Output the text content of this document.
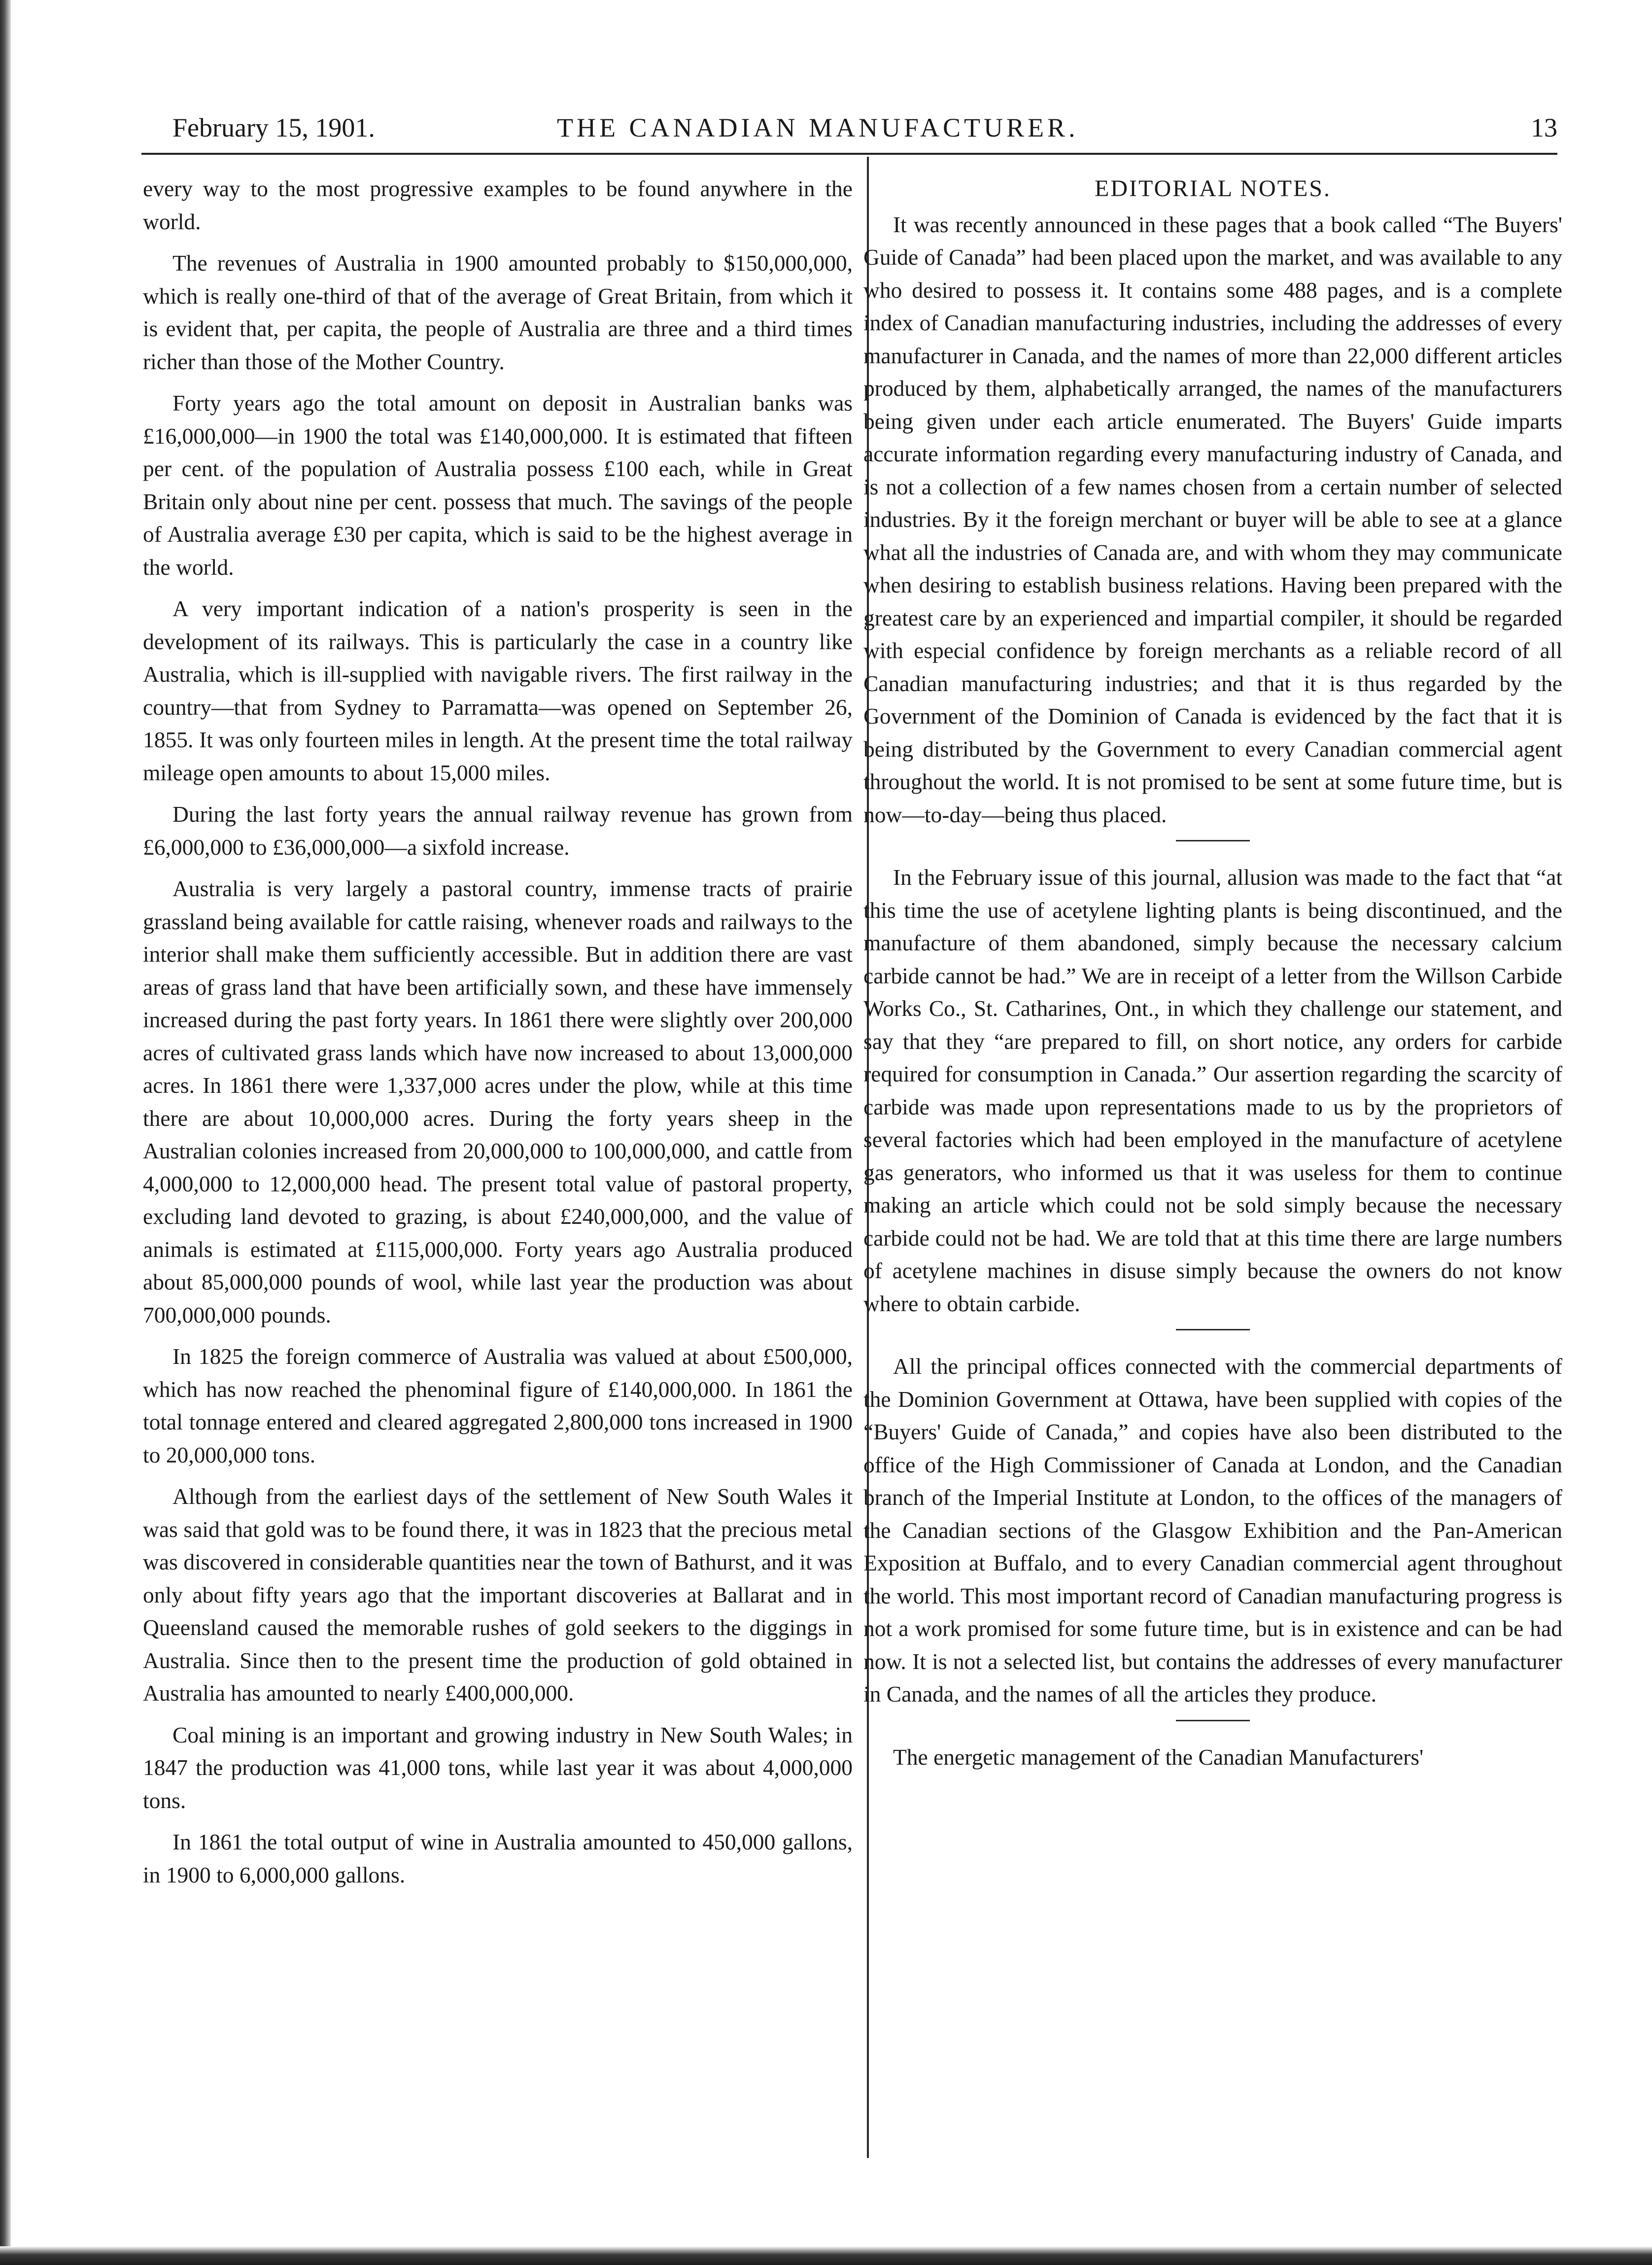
February 15, 1901.	THE CANADIAN MANUFACTURER.	13

every way to the most progressive examples to be found anywhere in the world.

The revenues of Australia in 1900 amounted probably to $150,000,000, which is really one-third of that of the average of Great Britain, from which it is evident that, per capita, the people of Australia are three and a third times richer than those of the Mother Country.

Forty years ago the total amount on deposit in Australian banks was £16,000,000—in 1900 the total was £140,000,000. It is estimated that fifteen per cent. of the population of Australia possess £100 each, while in Great Britain only about nine per cent. possess that much. The savings of the people of Australia average £30 per capita, which is said to be the highest average in the world.

A very important indication of a nation's prosperity is seen in the development of its railways. This is particularly the case in a country like Australia, which is ill-supplied with navigable rivers. The first railway in the country—that from Sydney to Parramatta—was opened on September 26, 1855. It was only fourteen miles in length. At the present time the total railway mileage open amounts to about 15,000 miles.

During the last forty years the annual railway revenue has grown from £6,000,000 to £36,000,000—a sixfold increase.

Australia is very largely a pastoral country, immense tracts of prairie grassland being available for cattle raising, whenever roads and railways to the interior shall make them sufficiently accessible. But in addition there are vast areas of grass land that have been artificially sown, and these have immensely increased during the past forty years. In 1861 there were slightly over 200,000 acres of cultivated grass lands which have now increased to about 13,000,000 acres. In 1861 there were 1,337,000 acres under the plow, while at this time there are about 10,000,000 acres. During the forty years sheep in the Australian colonies increased from 20,000,000 to 100,000,000, and cattle from 4,000,000 to 12,000,000 head. The present total value of pastoral property, excluding land devoted to grazing, is about £240,000,000, and the value of animals is estimated at £115,000,000. Forty years ago Australia produced about 85,000,000 pounds of wool, while last year the production was about 700,000,000 pounds.

In 1825 the foreign commerce of Australia was valued at about £500,000, which has now reached the phenominal figure of £140,000,000. In 1861 the total tonnage entered and cleared aggregated 2,800,000 tons increased in 1900 to 20,000,000 tons.

Although from the earliest days of the settlement of New South Wales it was said that gold was to be found there, it was in 1823 that the precious metal was discovered in considerable quantities near the town of Bathurst, and it was only about fifty years ago that the important discoveries at Ballarat and in Queensland caused the memorable rushes of gold seekers to the diggings in Australia. Since then to the present time the production of gold obtained in Australia has amounted to nearly £400,000,000.

Coal mining is an important and growing industry in New South Wales; in 1847 the production was 41,000 tons, while last year it was about 4,000,000 tons.

In 1861 the total output of wine in Australia amounted to 450,000 gallons, in 1900 to 6,000,000 gallons.

EDITORIAL NOTES.

It was recently announced in these pages that a book called “The Buyers' Guide of Canada” had been placed upon the market, and was available to any who desired to possess it. It contains some 488 pages, and is a complete index of Canadian manufacturing industries, including the addresses of every manufacturer in Canada, and the names of more than 22,000 different articles produced by them, alphabetically arranged, the names of the manufacturers being given under each article enumerated. The Buyers' Guide imparts accurate information regarding every manufacturing industry of Canada, and is not a collection of a few names chosen from a certain number of selected industries. By it the foreign merchant or buyer will be able to see at a glance what all the industries of Canada are, and with whom they may communicate when desiring to establish business relations. Having been prepared with the greatest care by an experienced and impartial compiler, it should be regarded with especial confidence by foreign merchants as a reliable record of all Canadian manufacturing industries; and that it is thus regarded by the Government of the Dominion of Canada is evidenced by the fact that it is being distributed by the Government to every Canadian commercial agent throughout the world. It is not promised to be sent at some future time, but is now—to-day—being thus placed.

In the February issue of this journal, allusion was made to the fact that “at this time the use of acetylene lighting plants is being discontinued, and the manufacture of them abandoned, simply because the necessary calcium carbide cannot be had.” We are in receipt of a letter from the Willson Carbide Works Co., St. Catharines, Ont., in which they challenge our statement, and say that they “are prepared to fill, on short notice, any orders for carbide required for consumption in Canada.” Our assertion regarding the scarcity of carbide was made upon representations made to us by the proprietors of several factories which had been employed in the manufacture of acetylene gas generators, who informed us that it was useless for them to continue making an article which could not be sold simply because the necessary carbide could not be had. We are told that at this time there are large numbers of acetylene machines in disuse simply because the owners do not know where to obtain carbide.

All the principal offices connected with the commercial departments of the Dominion Government at Ottawa, have been supplied with copies of the “Buyers' Guide of Canada,” and copies have also been distributed to the office of the High Commissioner of Canada at London, and the Canadian branch of the Imperial Institute at London, to the offices of the managers of the Canadian sections of the Glasgow Exhibition and the Pan-American Exposition at Buffalo, and to every Canadian commercial agent throughout the world. This most important record of Canadian manufacturing progress is not a work promised for some future time, but is in existence and can be had now. It is not a selected list, but contains the addresses of every manufacturer in Canada, and the names of all the articles they produce.

The energetic management of the Canadian Manufacturers'
